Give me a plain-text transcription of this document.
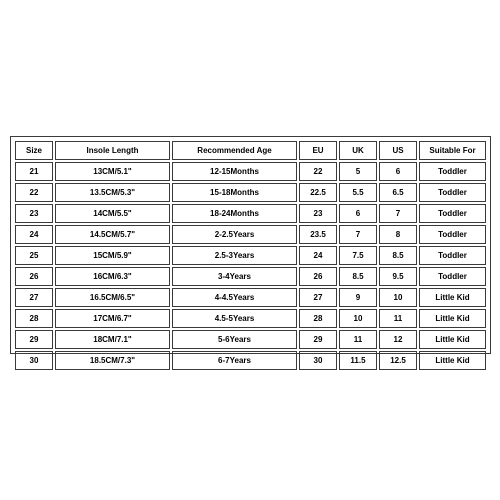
Size	Insole Length	Recommended Age	EU	UK	US	Suitable For
21	13CM/5.1"	12-15Months	22	5	6	Toddler
22	13.5CM/5.3"	15-18Months	22.5	5.5	6.5	Toddler
23	14CM/5.5"	18-24Months	23	6	7	Toddler
24	14.5CM/5.7"	2-2.5Years	23.5	7	8	Toddler
25	15CM/5.9"	2.5-3Years	24	7.5	8.5	Toddler
26	16CM/6.3"	3-4Years	26	8.5	9.5	Toddler
27	16.5CM/6.5"	4-4.5Years	27	9	10	Little Kid
28	17CM/6.7"	4.5-5Years	28	10	11	Little Kid
29	18CM/7.1"	5-6Years	29	11	12	Little Kid
30	18.5CM/7.3"	6-7Years	30	11.5	12.5	Little Kid
